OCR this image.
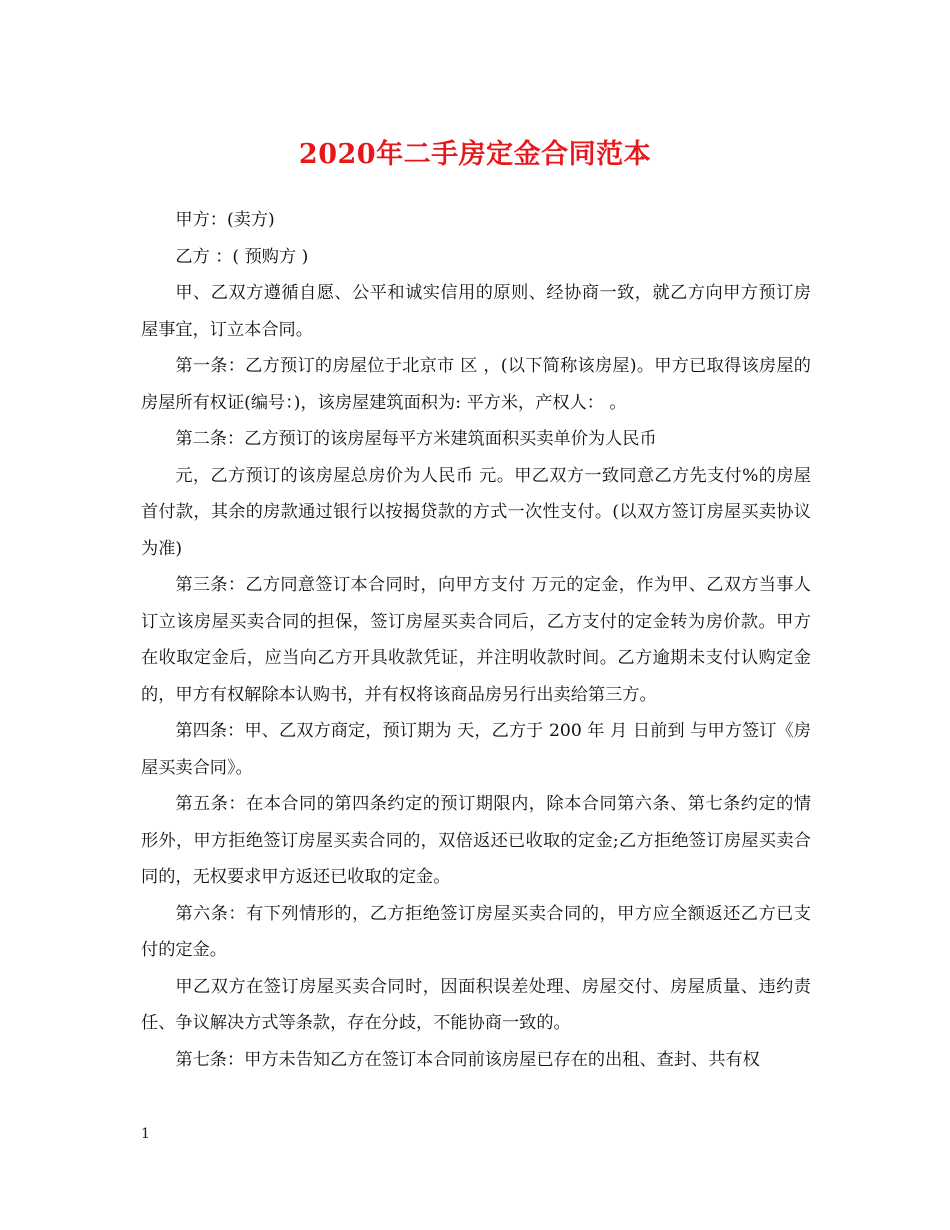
2020年二手房定金合同范本

甲方：(卖方)

乙方 ：( 预购方 )

甲、乙双方遵循自愿、公平和诚实信用的原则、经协商一致，就乙方向甲方预订房屋事宜，订立本合同。

第一条：乙方预订的房屋位于北京市 区 ，(以下简称该房屋)。甲方已取得该房屋的房屋所有权证(编号：)，该房屋建筑面积为: 平方米，产权人： 。

第二条：乙方预订的该房屋每平方米建筑面积买卖单价为人民币

元，乙方预订的该房屋总房价为人民币 元。甲乙双方一致同意乙方先支付%的房屋首付款，其余的房款通过银行以按揭贷款的方式一次性支付。(以双方签订房屋买卖协议为准)

第三条：乙方同意签订本合同时，向甲方支付 万元的定金，作为甲、乙双方当事人订立该房屋买卖合同的担保，签订房屋买卖合同后，乙方支付的定金转为房价款。甲方在收取定金后，应当向乙方开具收款凭证，并注明收款时间。乙方逾期未支付认购定金的，甲方有权解除本认购书，并有权将该商品房另行出卖给第三方。

第四条：甲、乙双方商定，预订期为 天，乙方于 200 年 月 日前到 与甲方签订《房屋买卖合同》。

第五条：在本合同的第四条约定的预订期限内，除本合同第六条、第七条约定的情形外，甲方拒绝签订房屋买卖合同的，双倍返还已收取的定金;乙方拒绝签订房屋买卖合同的，无权要求甲方返还已收取的定金。

第六条：有下列情形的，乙方拒绝签订房屋买卖合同的，甲方应全额返还乙方已支付的定金。

甲乙双方在签订房屋买卖合同时，因面积误差处理、房屋交付、房屋质量、违约责任、争议解决方式等条款，存在分歧，不能协商一致的。

第七条：甲方未告知乙方在签订本合同前该房屋已存在的出租、查封、共有权

1
